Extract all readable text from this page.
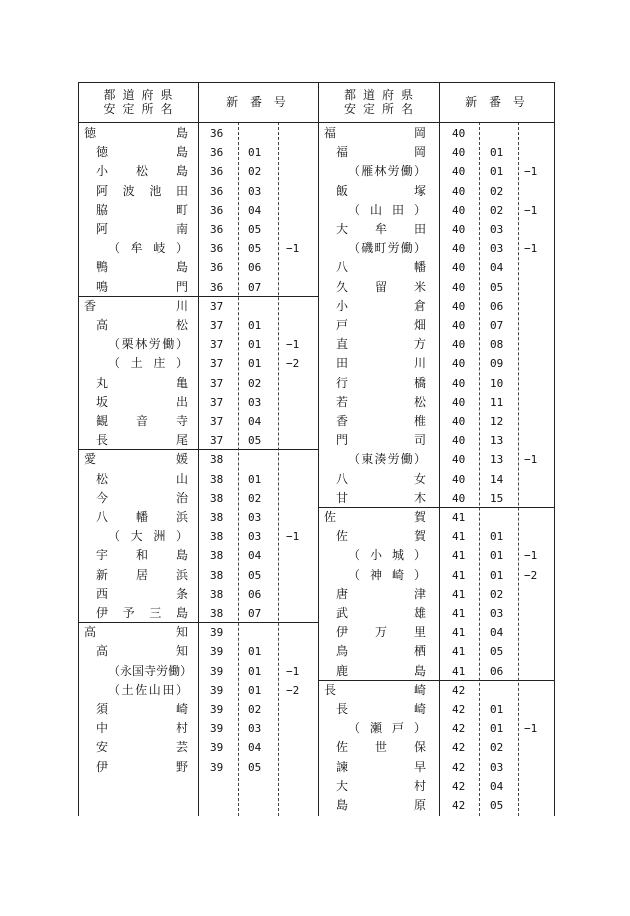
都道府県
安定所名	新 番 号
徳	島 36
徳	島 36 01
小 松 島 36 02
阿 波 池 田 36 03
脇	町 36 04
阿	南 36 05
（ 牟 岐 ） 36 05 −1
鴨	島 36 06
鳴	門 36 07
香	川 37
高	松 37 01
（ 栗 林 労 働 ） 37 01 −1
（ 土 庄 ） 37 01 −2
丸	亀 37 02
坂	出 37 03
観 音 寺 37 04
長	尾 37 05
愛	媛 38
松	山 38 01
今	治 38 02
八 幡 浜 38 03
（ 大 洲 ） 38 03 −1
宇 和 島 38 04
新 居 浜 38 05
西	条 38 06
伊 予 三 島 38 07
高	知 39
高	知 39 01
（ 永 国 寺 労 働 ） 39 01 −1
（ 土 佐 山 田 ） 39 01 −2
須	崎 39 02
中	村 39 03
安	芸 39 04
伊	野 39 05
都道府県
安定所名	新 番 号
福	岡 40
福	岡 40 01
（ 雁 林 労 働 ） 40 01 −1
飯	塚 40 02
（ 山 田 ） 40 02 −1
大 牟 田 40 03
（ 磯 町 労 働 ） 40 03 −1
八	幡 40 04
久 留 米 40 05
小	倉 40 06
戸	畑 40 07
直	方 40 08
田	川 40 09
行	橋 40 10
若	松 40 11
香	椎 40 12
門	司 40 13
（ 東 湊 労 働 ） 40 13 −1
八	女 40 14
甘	木 40 15
佐	賀 41
佐	賀 41 01
（ 小 城 ） 41 01 −1
（ 神 崎 ） 41 01 −2
唐	津 41 02
武	雄 41 03
伊 万 里 41 04
鳥	栖 41 05
鹿	島 41 06
長	崎 42
長	崎 42 01
（ 瀬 戸 ） 42 01 −1
佐 世 保 42 02
諫	早 42 03
大	村 42 04
島	原 42 05
